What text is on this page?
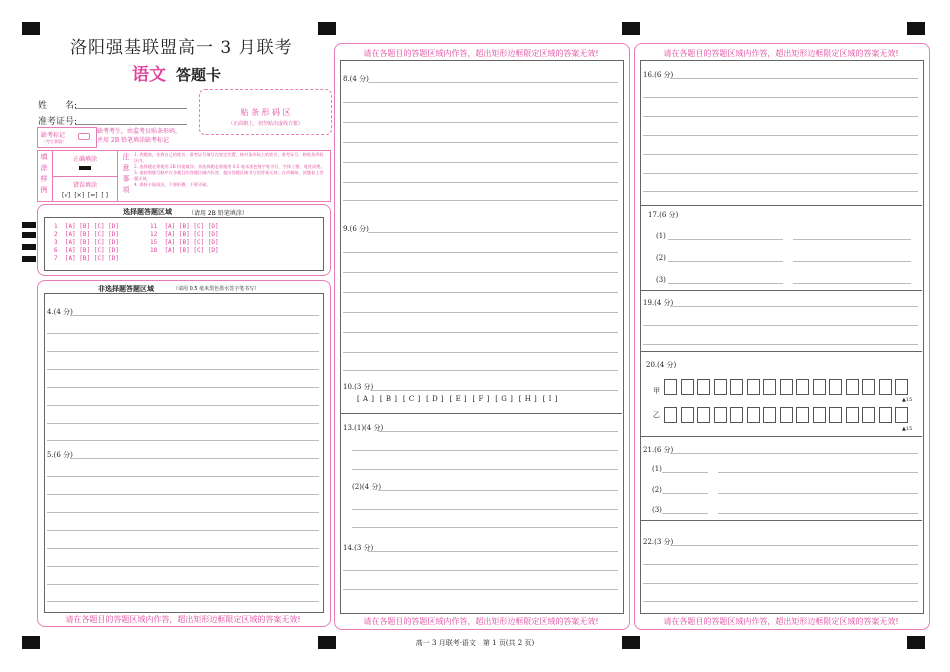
洛阳强基联盟高一 3 月联考
语文 答题卡
姓　　名:
准考证号:
贴 条 形 码 区
（正面朝上，切勿贴出虚线方框）
缺考标记
（考生禁填）
缺考考生，由监考员贴条形码，
并用 2B 铅笔填涂缺考标记
填
涂
样
例
正确填涂
错误填涂
[√]  [×]  [=]  [ ]
注
意
事
项
1. 答题前，先将自己的姓名、准考证号填写在规定位置，核对条形码上的姓名、准考证号，粘贴条形码区内。
2. 选择题必须使用 2B 铅笔填涂；非选择题必须使用 0.5 毫米黑色签字笔书写，字体工整、笔迹清楚。
3. 请按照题号顺序在各题目的答题区域内作答，超出答题区域书写的答案无效；在草稿纸、试题卷上答题无效。
4. 保持卡面清洁，不要折叠、不要弄破。
选择题答题区域	（请用 2B 铅笔填涂）
1  [A] [B] [C] [D]
2  [A] [B] [C] [D]
3  [A] [B] [C] [D]
6  [A] [B] [C] [D]
7  [A] [B] [C] [D]
11  [A] [B] [C] [D]
12  [A] [B] [C] [D]
15  [A] [B] [C] [D]
18  [A] [B] [C] [D]
非选择题答题区域	（请用 0.5 毫米黑色墨水签字笔书写）
请在各题目的答题区域内作答，超出矩形边框限定区域的答案无效!
4.(4 分)
5.(6 分)
请在各题目的答题区域内作答，超出矩形边框限定区域的答案无效!
请在各题目的答题区域内作答，超出矩形边框限定区域的答案无效!
8.(4 分)
9.(6 分)
10.(3 分)
[ A ]  [ B ]  [ C ]  [ D ]  [ E ]  [ F ]  [ G ]  [ H ]  [ I ]
13.(1)(4 分)
(2)(4 分)
14.(3 分)
请在各题目的答题区域内作答，超出矩形边框限定区域的答案无效!
请在各题目的答题区域内作答，超出矩形边框限定区域的答案无效!
16.(6 分)
17.(6 分)
(1)
(2)
(3)
19.(4 分)
20.(4 分)
甲
乙
▲15
▲15
21.(6 分)
(1)
(2)
(3)
22.(3 分)
高一 3 月联考·语文　第 1 页(共 2 页)
